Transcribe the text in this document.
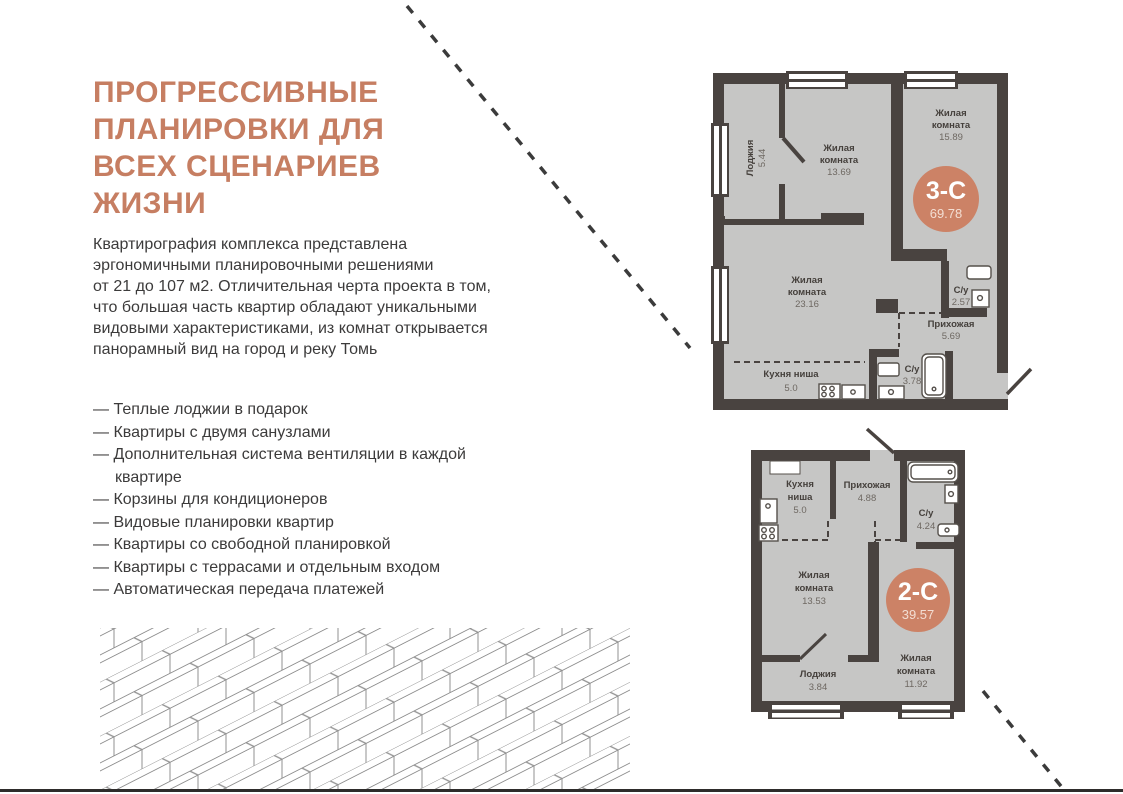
ПРОГРЕССИВНЫЕ
ПЛАНИРОВКИ ДЛЯ
ВСЕХ СЦЕНАРИЕВ
ЖИЗНИ
Квартирография комплекса представлена
эргономичными планировочными решениями
от 21 до 107 м2. Отличительная черта проекта в том,
что большая часть квартир обладают уникальными
видовыми характеристиками, из комнат открывается
панорамный вид на город и реку Томь
— Теплые лоджии в подарок
— Квартиры с двумя санузлами
— Дополнительная система вентиляции в каждой квартире
— Корзины для кондиционеров
— Видовые планировки квартир
— Квартиры со свободной планировкой
— Квартиры с террасами и отдельным входом
— Автоматическая передача платежей
Лоджия 5.44
Жилая
комната
13.69
Жилая
комната
15.89
Жилая
комната
23.16
С/у
2.57
Прихожая
5.69
С/у
3.78
Кухня ниша
5.0
3-С
69.78
Кухня
ниша
5.0
Прихожая
4.88
С/у
4.24
Жилая
комната
13.53
Лоджия
3.84
Жилая
комната
11.92
2-С
39.57
